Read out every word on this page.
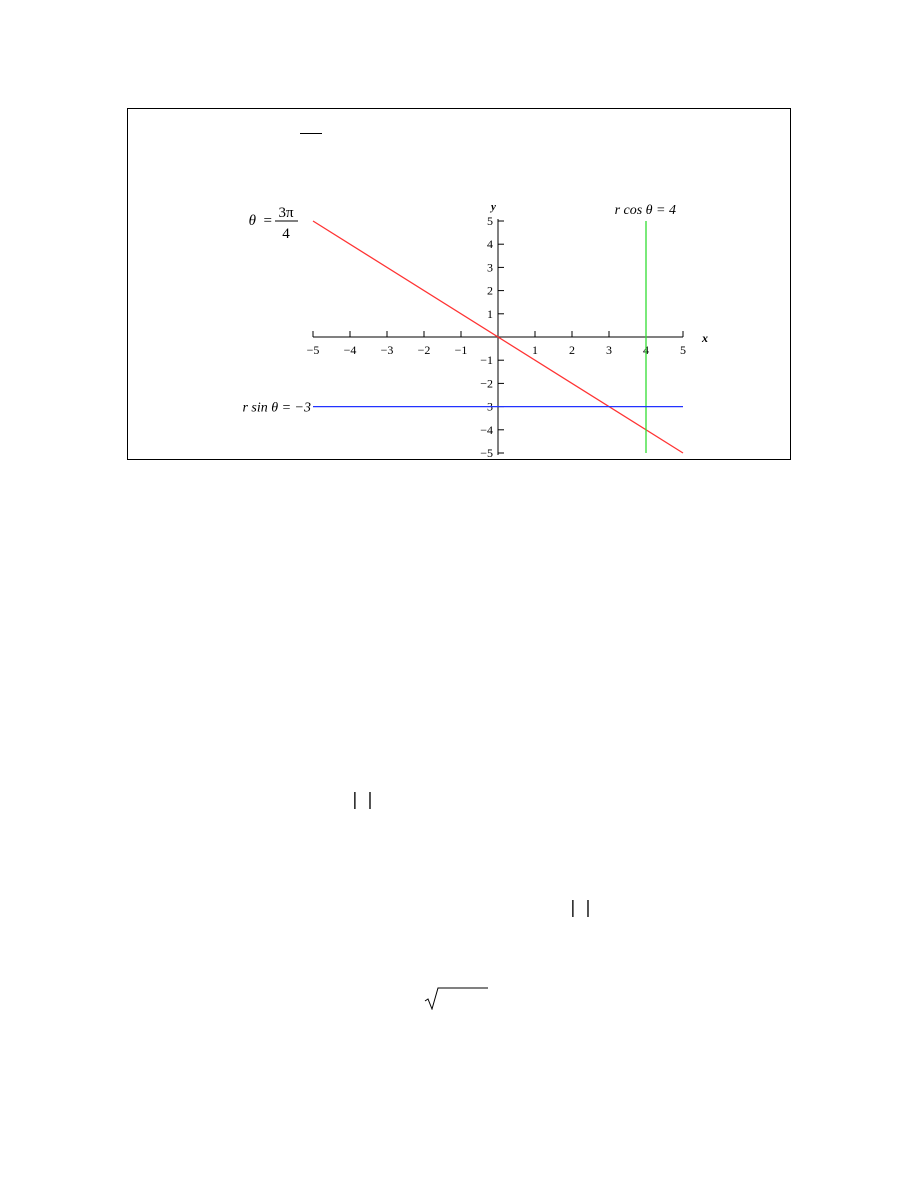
−5 −4 −3 −2 −1	1	2	3	4	5
−5
−4
−3
−2
−1
1
2
3
4
5
x
y
θ = 3π
4
r cos θ = 4
r sin θ = −3
| |
| |
